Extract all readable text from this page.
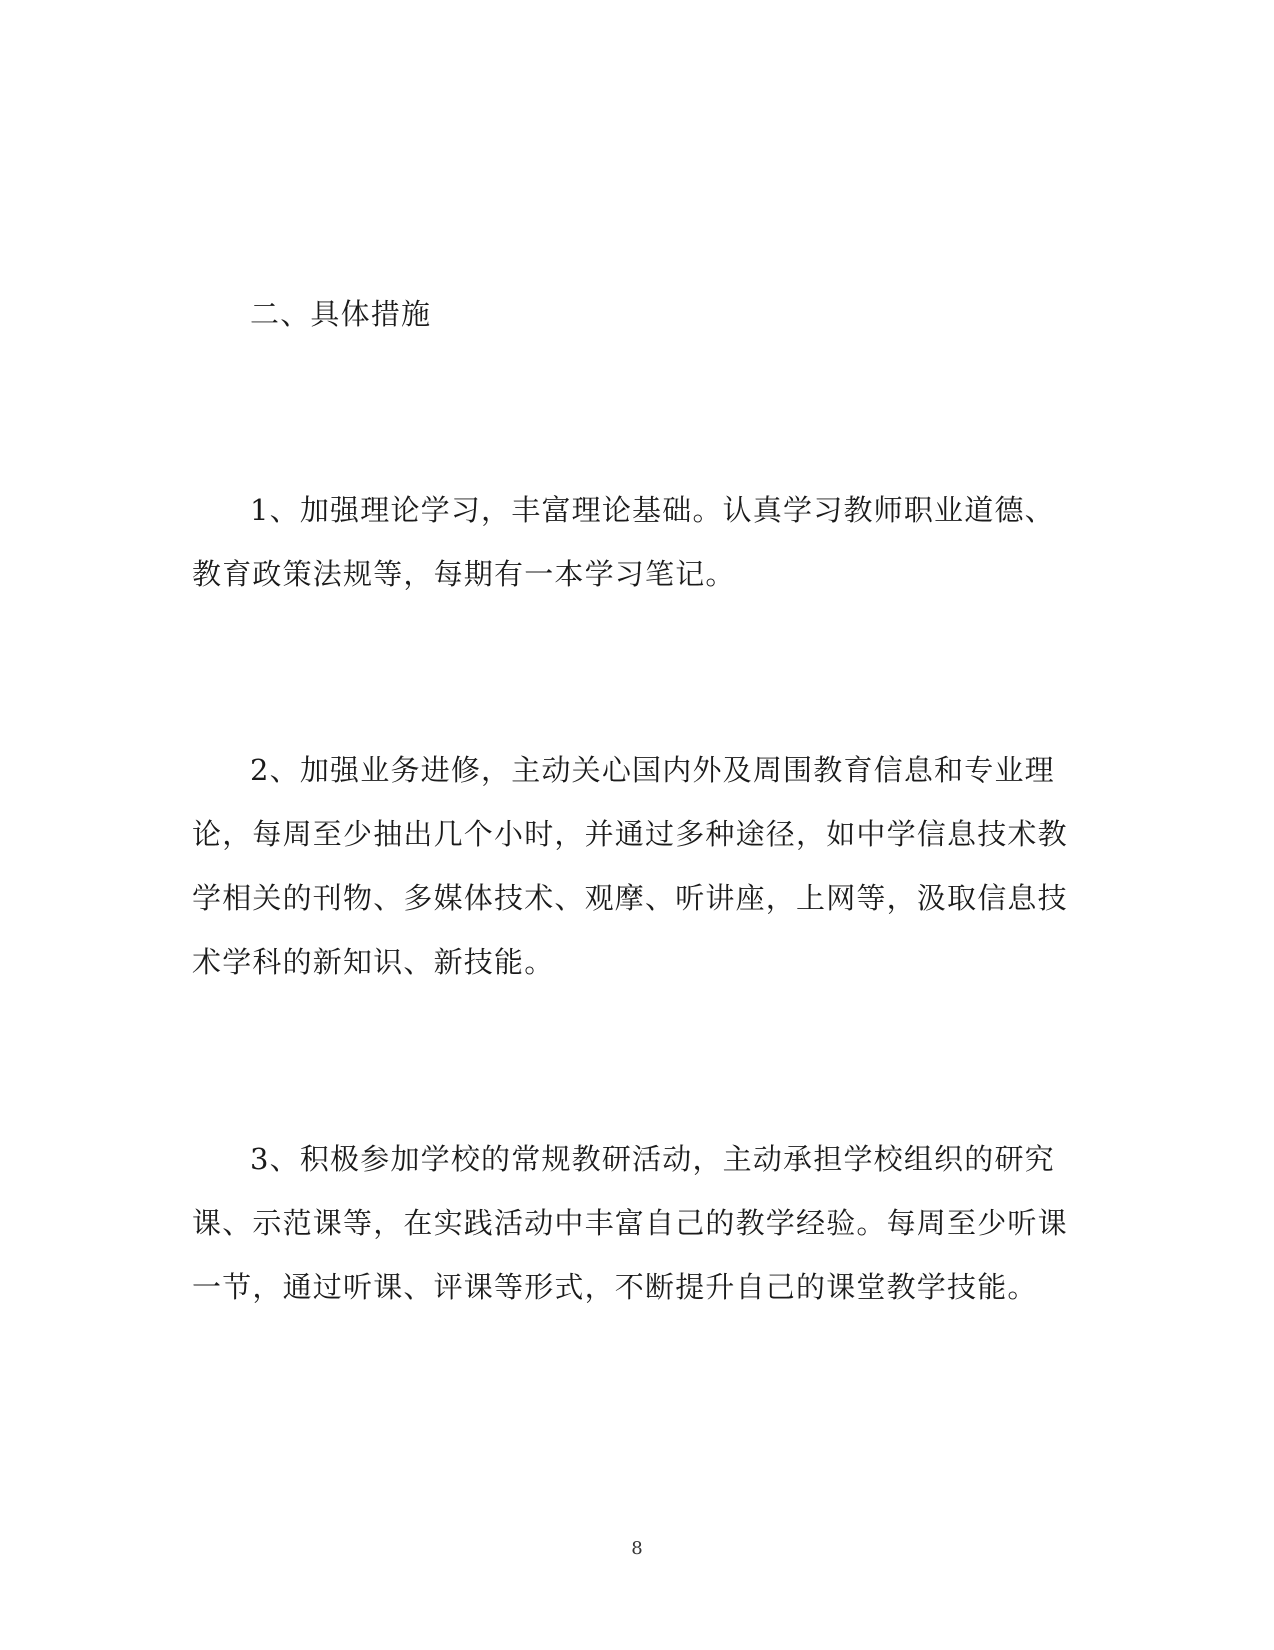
二、具体措施
1、加强理论学习，丰富理论基础。认真学习教师职业道德、教育政策法规等，每期有一本学习笔记。
2、加强业务进修，主动关心国内外及周围教育信息和专业理论，每周至少抽出几个小时，并通过多种途径，如中学信息技术教学相关的刊物、多媒体技术、观摩、听讲座，上网等，汲取信息技术学科的新知识、新技能。
3、积极参加学校的常规教研活动，主动承担学校组织的研究课、示范课等，在实践活动中丰富自己的教学经验。每周至少听课一节，通过听课、评课等形式，不断提升自己的课堂教学技能。
8
